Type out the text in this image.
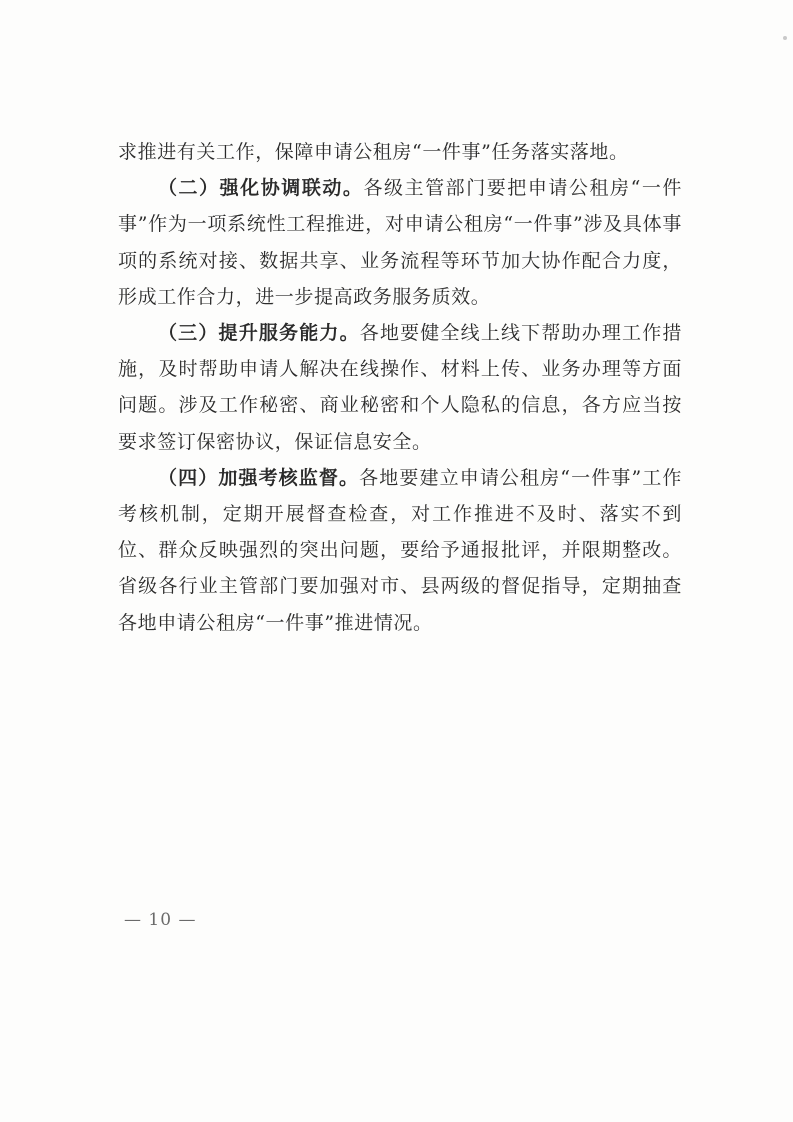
求推进有关工作，保障申请公租房“一件事”任务落实落地。

（二）强化协调联动。各级主管部门要把申请公租房“一件事”作为一项系统性工程推进，对申请公租房“一件事”涉及具体事项的系统对接、数据共享、业务流程等环节加大协作配合力度，形成工作合力，进一步提高政务服务质效。

（三）提升服务能力。各地要健全线上线下帮助办理工作措施，及时帮助申请人解决在线操作、材料上传、业务办理等方面问题。涉及工作秘密、商业秘密和个人隐私的信息，各方应当按要求签订保密协议，保证信息安全。

（四）加强考核监督。各地要建立申请公租房“一件事”工作考核机制，定期开展督查检查，对工作推进不及时、落实不到位、群众反映强烈的突出问题，要给予通报批评，并限期整改。省级各行业主管部门要加强对市、县两级的督促指导，定期抽查各地申请公租房“一件事”推进情况。

— 10 —
